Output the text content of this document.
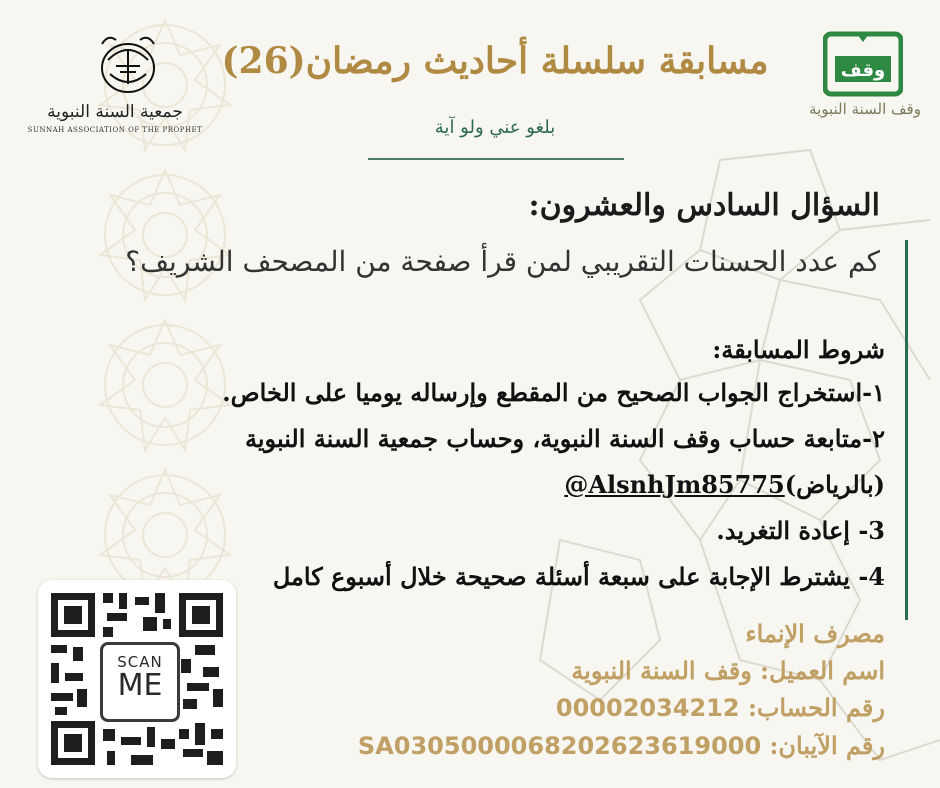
جمعية السنة النبوية
SUNNAH ASSOCIATION OF THE PROPHET
مسابقة سلسلة أحاديث رمضان(26)
بلغو عني ولو آية
وقف
وقف السنة النبوية
السؤال السادس والعشرون:
كم عدد الحسنات التقريبي لمن قرأ صفحة من المصحف الشريف؟
شروط المسابقة:
١-استخراج الجواب الصحيح من المقطع وإرساله يوميا على الخاص.
٢-متابعة حساب وقف السنة النبوية، وحساب جمعية السنة النبوية
(بالرياض)@AlsnhJm85775
3- إعادة التغريد.
4- يشترط الإجابة على سبعة أسئلة صحيحة خلال أسبوع كامل
SCAN
ME
مصرف الإنماء
اسم العميل: وقف السنة النبوية
رقم الحساب: 00002034212
رقم الآيبان: SA0305000068202623619000
